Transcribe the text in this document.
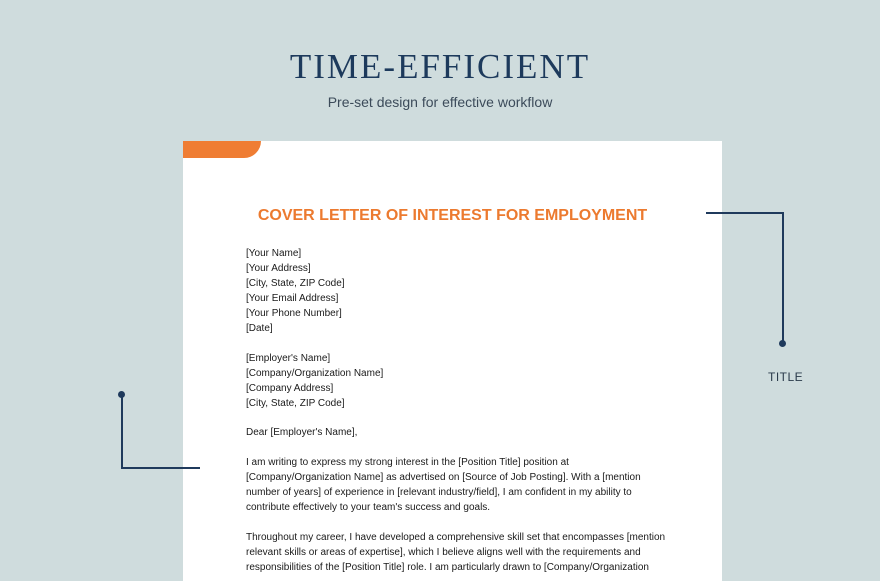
TIME-EFFICIENT
Pre-set design for effective workflow
COVER LETTER OF INTEREST FOR EMPLOYMENT
[Your Name]
[Your Address]
[City, State, ZIP Code]
[Your Email Address]
[Your Phone Number]
[Date]
[Employer's Name]
[Company/Organization Name]
[Company Address]
[City, State, ZIP Code]
Dear [Employer's Name],
I am writing to express my strong interest in the [Position Title] position at
[Company/Organization Name] as advertised on [Source of Job Posting]. With a [mention
number of years] of experience in [relevant industry/field], I am confident in my ability to
contribute effectively to your team's success and goals.
Throughout my career, I have developed a comprehensive skill set that encompasses [mention
relevant skills or areas of expertise], which I believe aligns well with the requirements and
responsibilities of the [Position Title] role. I am particularly drawn to [Company/Organization
TITLE
